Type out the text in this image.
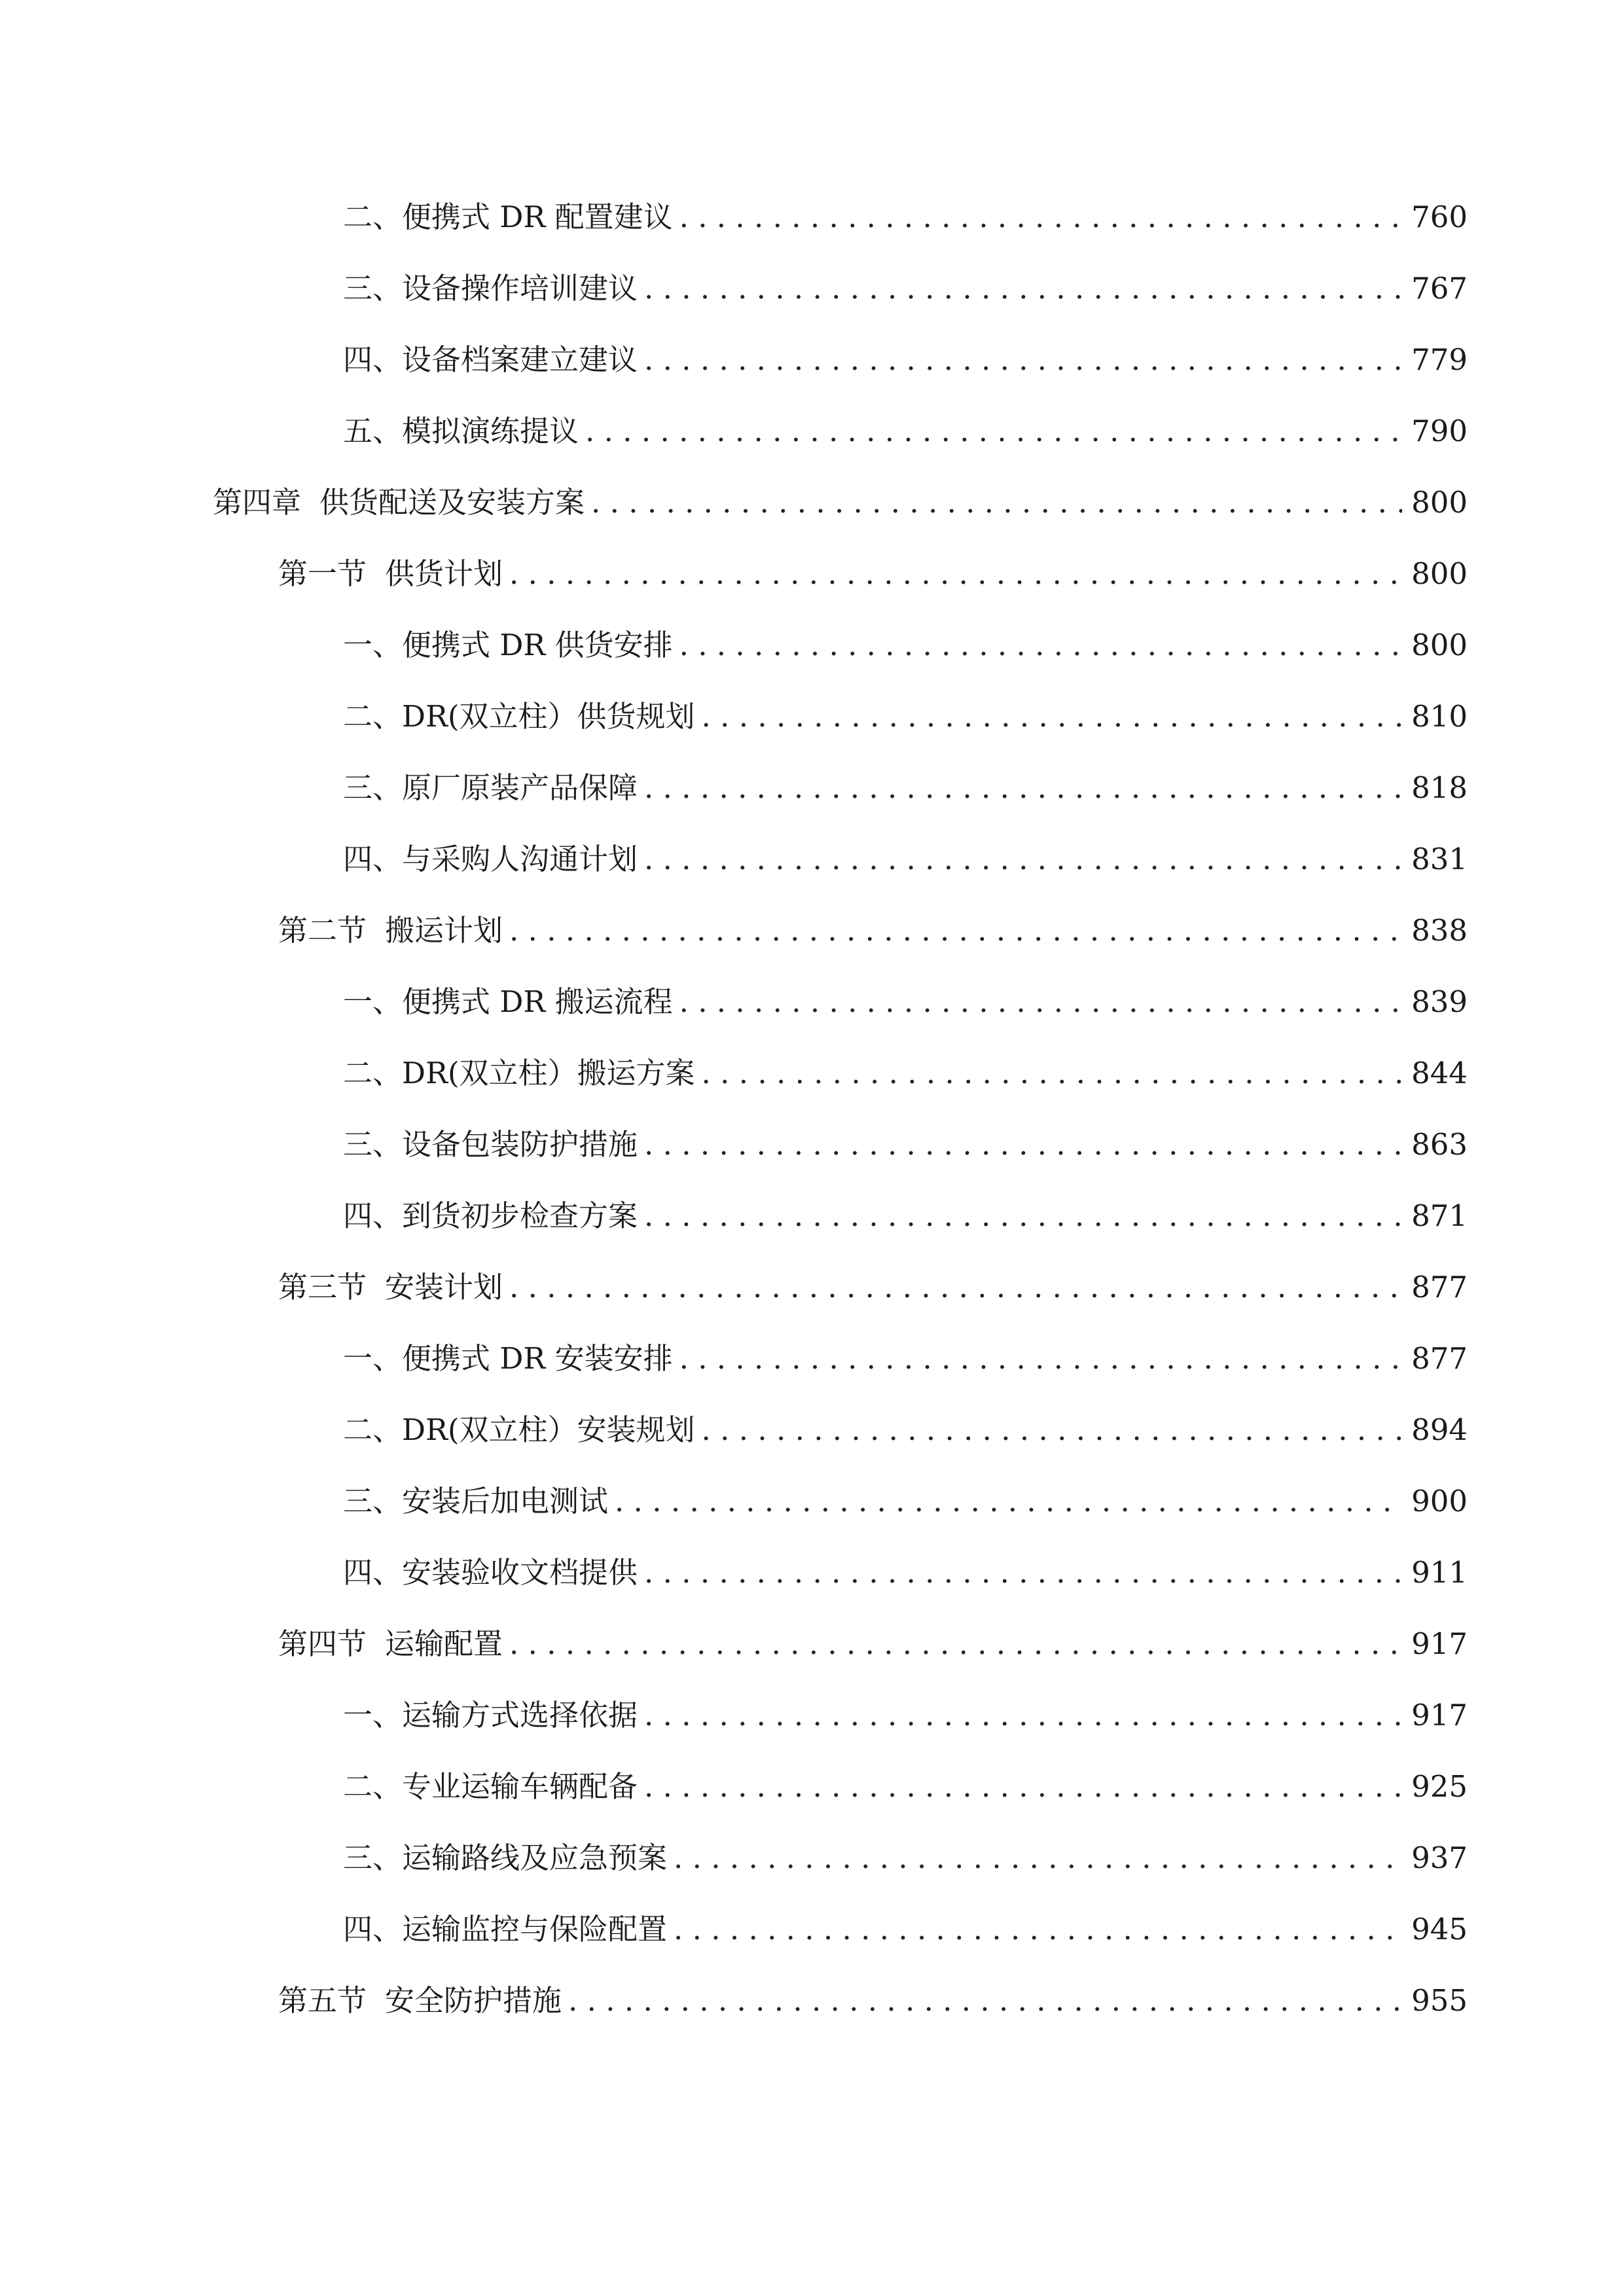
二、 便携式 DR 配置建议 . . .	760
三、 设备操作培训建议 . . .	767
四、 设备档案建立建议 . . .	779
五、 模拟演练提议 . . .	790
第四章 供货配送及安装方案 . . .	800
第一节 供货计划 . . .	800
一、 便携式 DR 供货安排 . . .	800
二、 DR(双立柱）供货规划 . . .	810
三、 原厂原装产品保障 . . .	818
四、 与采购人沟通计划 . . .	831
第二节 搬运计划 . . .	838
一、 便携式 DR 搬运流程 . . .	839
二、 DR(双立柱）搬运方案 . . .	844
三、 设备包装防护措施 . . .	863
四、 到货初步检查方案 . . .	871
第三节 安装计划 . . .	877
一、 便携式 DR 安装安排 . . .	877
二、 DR(双立柱）安装规划 . . .	894
三、 安装后加电测试 . . .	900
四、 安装验收文档提供 . . .	911
第四节 运输配置 . . .	917
一、 运输方式选择依据 . . .	917
二、 专业运输车辆配备 . . .	925
三、 运输路线及应急预案 . . .	937
四、 运输监控与保险配置 . . .	945
第五节 安全防护措施 . . .	955
